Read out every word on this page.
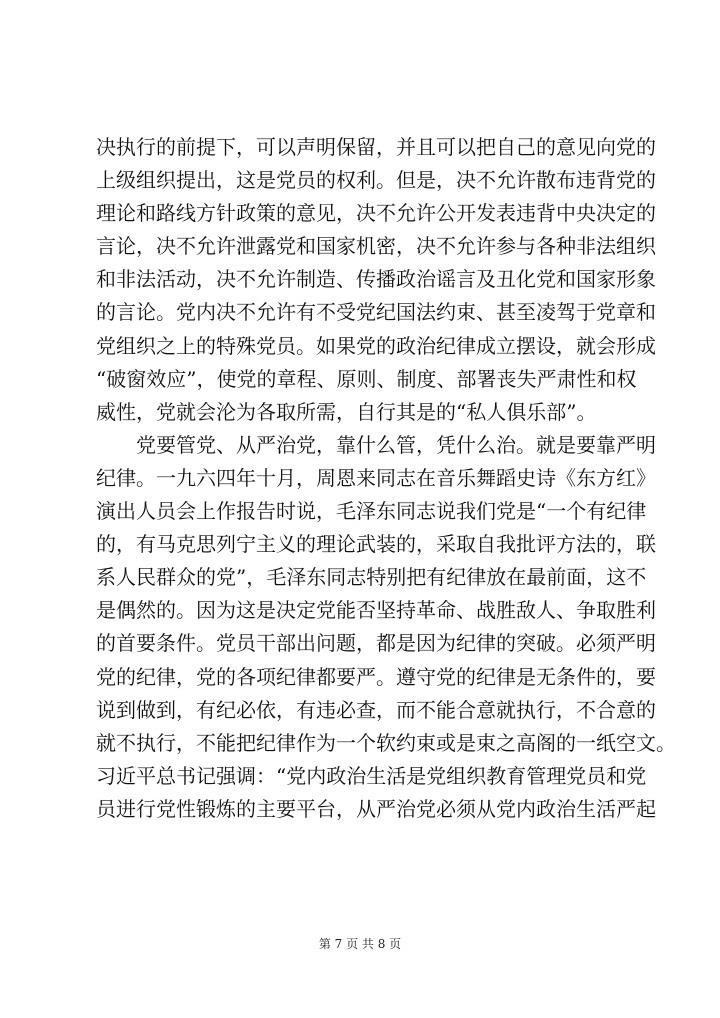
决执行的前提下，可以声明保留，并且可以把自己的意见向党的
上级组织提出，这是党员的权利。但是，决不允许散布违背党的
理论和路线方针政策的意见，决不允许公开发表违背中央决定的
言论，决不允许泄露党和国家机密，决不允许参与各种非法组织
和非法活动，决不允许制造、传播政治谣言及丑化党和国家形象
的言论。党内决不允许有不受党纪国法约束、甚至凌驾于党章和
党组织之上的特殊党员。如果党的政治纪律成立摆设，就会形成
“破窗效应”，使党的章程、原则、制度、部署丧失严肃性和权
威性，党就会沦为各取所需，自行其是的“私人俱乐部”。
　　党要管党、从严治党，靠什么管，凭什么治。就是要靠严明
纪律。一九六四年十月，周恩来同志在音乐舞蹈史诗《东方红》
演出人员会上作报告时说，毛泽东同志说我们党是“一个有纪律
的，有马克思列宁主义的理论武装的，采取自我批评方法的，联
系人民群众的党”，毛泽东同志特别把有纪律放在最前面，这不
是偶然的。因为这是决定党能否坚持革命、战胜敌人、争取胜利
的首要条件。党员干部出问题，都是因为纪律的突破。必须严明
党的纪律，党的各项纪律都要严。遵守党的纪律是无条件的，要
说到做到，有纪必依，有违必查，而不能合意就执行，不合意的
就不执行，不能把纪律作为一个软约束或是束之高阁的一纸空文。
习近平总书记强调：“党内政治生活是党组织教育管理党员和党
员进行党性锻炼的主要平台，从严治党必须从党内政治生活严起
第 7 页 共 8 页
